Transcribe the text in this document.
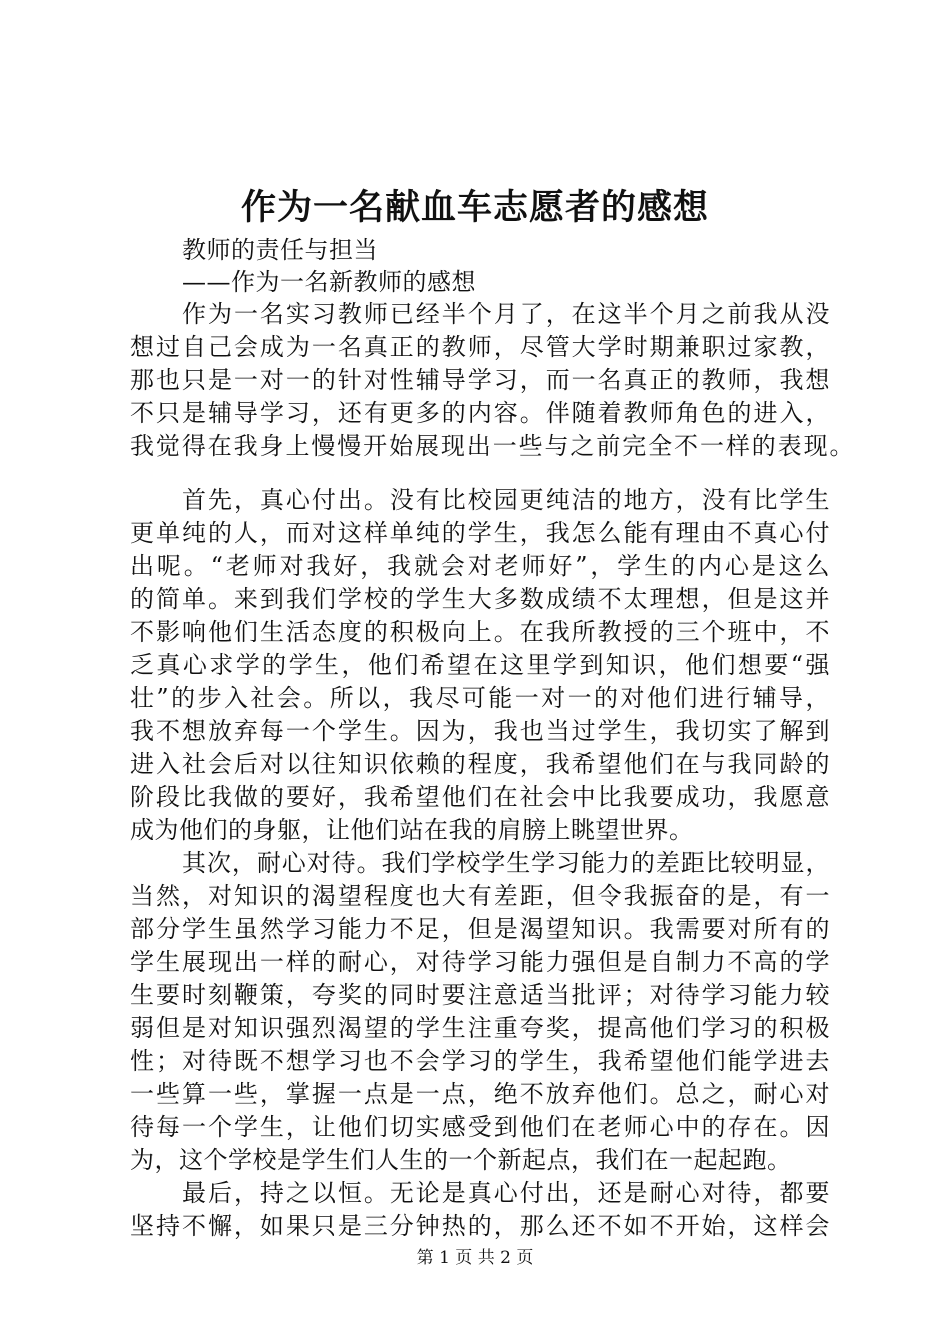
作为一名献血车志愿者的感想
教师的责任与担当
——作为一名新教师的感想
作为一名实习教师已经半个月了，在这半个月之前我从没
想过自己会成为一名真正的教师，尽管大学时期兼职过家教，
那也只是一对一的针对性辅导学习，而一名真正的教师，我想
不只是辅导学习，还有更多的内容。伴随着教师角色的进入，
我觉得在我身上慢慢开始展现出一些与之前完全不一样的表现。
首先，真心付出。没有比校园更纯洁的地方，没有比学生
更单纯的人，而对这样单纯的学生，我怎么能有理由不真心付
出呢。“老师对我好，我就会对老师好”，学生的内心是这么
的简单。来到我们学校的学生大多数成绩不太理想，但是这并
不影响他们生活态度的积极向上。在我所教授的三个班中，不
乏真心求学的学生，他们希望在这里学到知识，他们想要“强
壮”的步入社会。所以，我尽可能一对一的对他们进行辅导，
我不想放弃每一个学生。因为，我也当过学生，我切实了解到
进入社会后对以往知识依赖的程度，我希望他们在与我同龄的
阶段比我做的要好，我希望他们在社会中比我要成功，我愿意
成为他们的身躯，让他们站在我的肩膀上眺望世界。
其次，耐心对待。我们学校学生学习能力的差距比较明显，
当然，对知识的渴望程度也大有差距，但令我振奋的是，有一
部分学生虽然学习能力不足，但是渴望知识。我需要对所有的
学生展现出一样的耐心，对待学习能力强但是自制力不高的学
生要时刻鞭策，夸奖的同时要注意适当批评；对待学习能力较
弱但是对知识强烈渴望的学生注重夸奖，提高他们学习的积极
性；对待既不想学习也不会学习的学生，我希望他们能学进去
一些算一些，掌握一点是一点，绝不放弃他们。总之，耐心对
待每一个学生，让他们切实感受到他们在老师心中的存在。因
为，这个学校是学生们人生的一个新起点，我们在一起起跑。
最后，持之以恒。无论是真心付出，还是耐心对待，都要
坚持不懈，如果只是三分钟热的，那么还不如不开始，这样会
第 1 页 共 2 页
